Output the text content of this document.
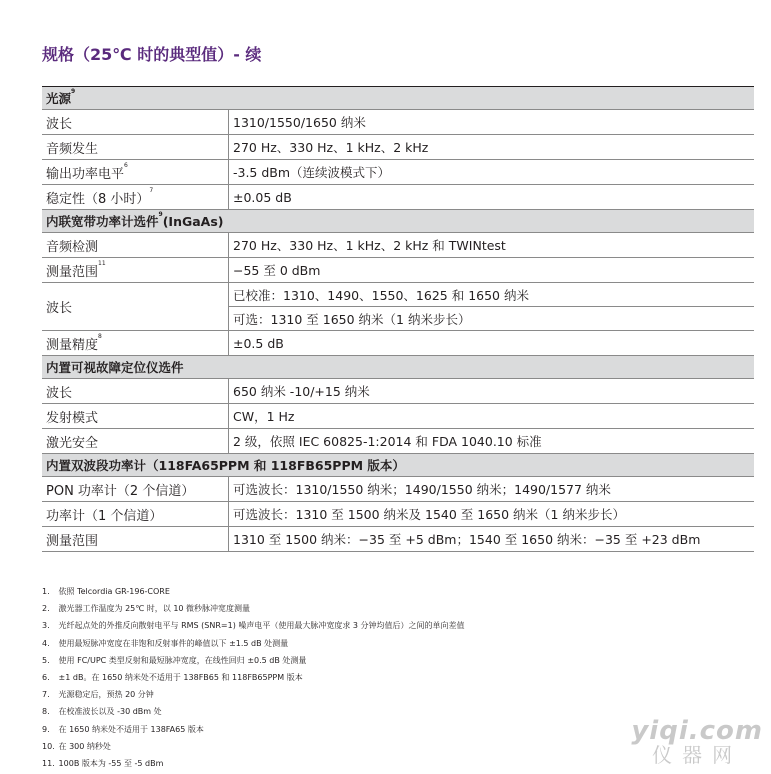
规格（25℃ 时的典型值）- 续
光源$^9$
波长	1310/1550/1650 纳米
音频发生	270 Hz、330 Hz、1 kHz、2 kHz
输出功率电平$^6$	-3.5 dBm（连续波模式下）
稳定性（8 小时）$^7$	±0.05 dB
内联宽带功率计选件$^9$(InGaAs)	
音频检测	270 Hz、330 Hz、1 kHz、2 kHz 和 TWINtest
测量范围$^{11}$	−55 至 0 dBm
波长	已校准：1310、1490、1550、1625 和 1650 纳米
	可选：1310 至 1650 纳米（1 纳米步长）
测量精度$^8$	±0.5 dB
内置可视故障定位仪选件	
波长	650 纳米 -10/+15 纳米
发射模式	CW，1 Hz
激光安全	2 级，依照 IEC 60825-1:2014 和 FDA 1040.10 标准
内置双波段功率计（118FA65PPM 和 118FB65PPM 版本）	
PON 功率计（2 个信道）	可选波长：1310/1550 纳米；1490/1550 纳米；1490/1577 纳米
功率计（1 个信道）	可选波长：1310 至 1500 纳米及 1540 至 1650 纳米（1 纳米步长）
测量范围	1310 至 1500 纳米：−35 至 +5 dBm；1540 至 1650 纳米：−35 至 +23 dBm
1. 依照 Telcordia GR-196-CORE
2. 激光器工作温度为 25℃ 时，以 10 微秒脉冲宽度测量
3. 光纤起点处的外推反向散射电平与 RMS (SNR=1) 噪声电平（使用最大脉冲宽度求 3 分钟均值后）之间的单向差值
4. 使用最短脉冲宽度在非饱和反射事件的峰值以下 ±1.5 dB 处测量
5. 使用 FC/UPC 类型反射和最短脉冲宽度，在线性回归 ±0.5 dB 处测量
6. ±1 dB。在 1650 纳米处不适用于 138FB65 和 118FB65PPM 版本
7. 光源稳定后，预热 20 分钟
8. 在校准波长以及 -30 dBm 处
9. 在 1650 纳米处不适用于 138FA65 版本
10. 在 300 纳秒处
11. 100B 版本为 -55 至 -5 dBm
yiqi.com
仪器网
